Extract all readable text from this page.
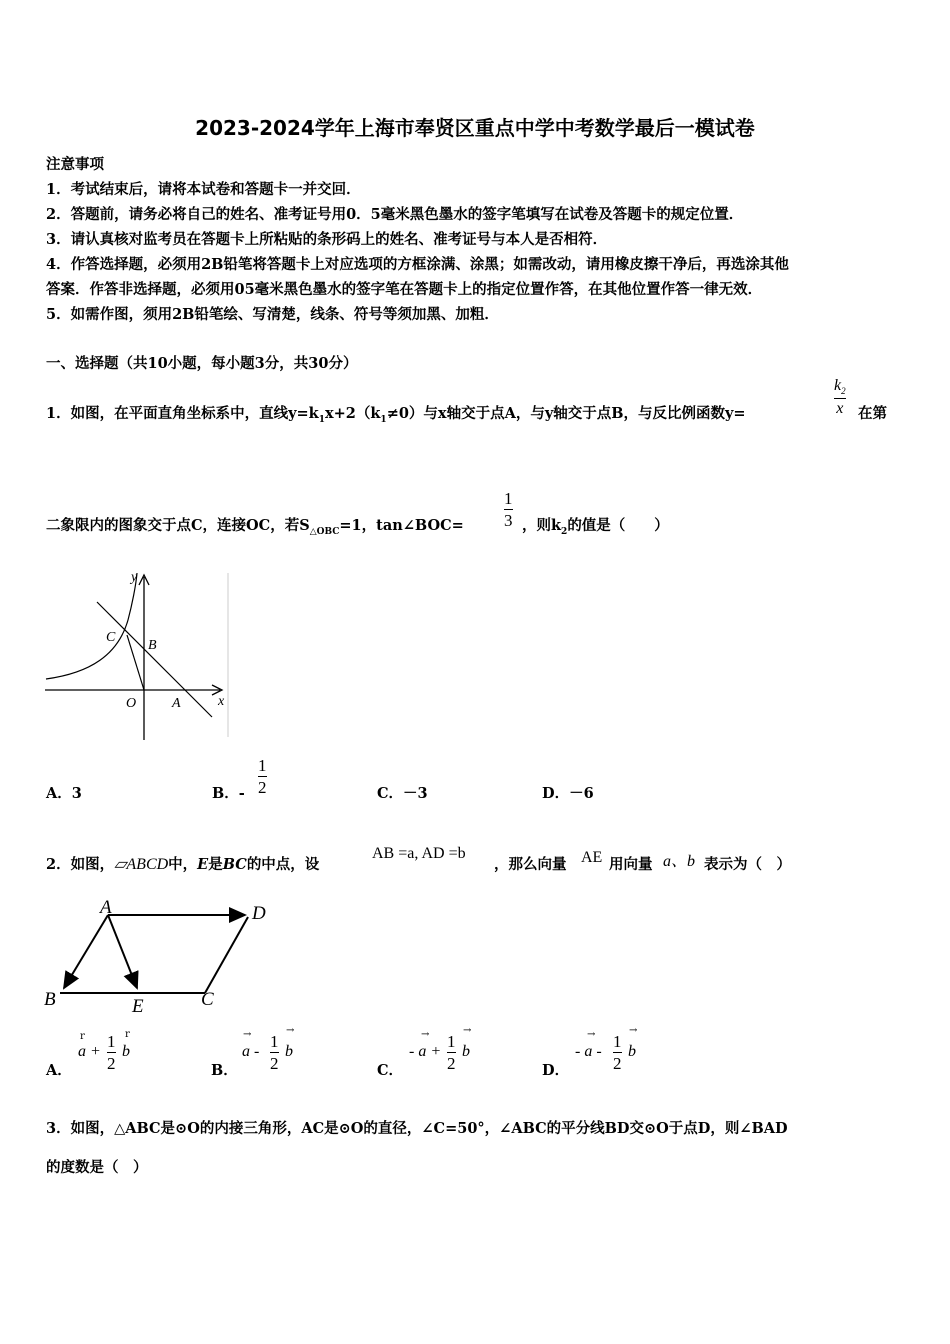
2023-2024学年上海市奉贤区重点中学中考数学最后一模试卷
注意事项
1．考试结束后，请将本试卷和答题卡一并交回．
2．答题前，请务必将自己的姓名、准考证号用0．5毫米黑色墨水的签字笔填写在试卷及答题卡的规定位置．
3．请认真核对监考员在答题卡上所粘贴的条形码上的姓名、准考证号与本人是否相符．
4．作答选择题，必须用2B铅笔将答题卡上对应选项的方框涂满、涂黑；如需改动，请用橡皮擦干净后，再选涂其他
答案．作答非选择题，必须用05毫米黑色墨水的签字笔在答题卡上的指定位置作答，在其他位置作答一律无效．
5．如需作图，须用2B铅笔绘、写清楚，线条、符号等须加黑、加粗．
一、选择题（共10小题，每小题3分，共30分）
1．如图，在平面直角坐标系中，直线$y=k_1x+2(k_1\ne 0)$与x轴交于点A，与y轴交于点B，与反比例函数y=
$k_2$
x 在第
二象限内的图象交于点C，连接OC，若$S_{\triangle OBC}=1$，tan∠BOC=
1
3 ，则$k_2$的值是（　　）
y
x
C
B
O	A
A．3	B．-
1
2	C．－3	D．－6
2．如图，▱ABCD中，E是BC的中点，设
AB =a, AD =b
，那么向量 AE 用向量 a、b 表示为（　）
A	D
B	E	C
A．
r
a +
1
2
r
b
B．
→
a -
1
2
→
b
C．
→
- a +
1
2
→
b
D．
→
- a -
1
2
→
b
3．如图，△ABC是⊙O的内接三角形，AC是⊙O的直径，∠C=50°，∠ABC的平分线BD交⊙O于点D，则∠BAD
的度数是（　）
